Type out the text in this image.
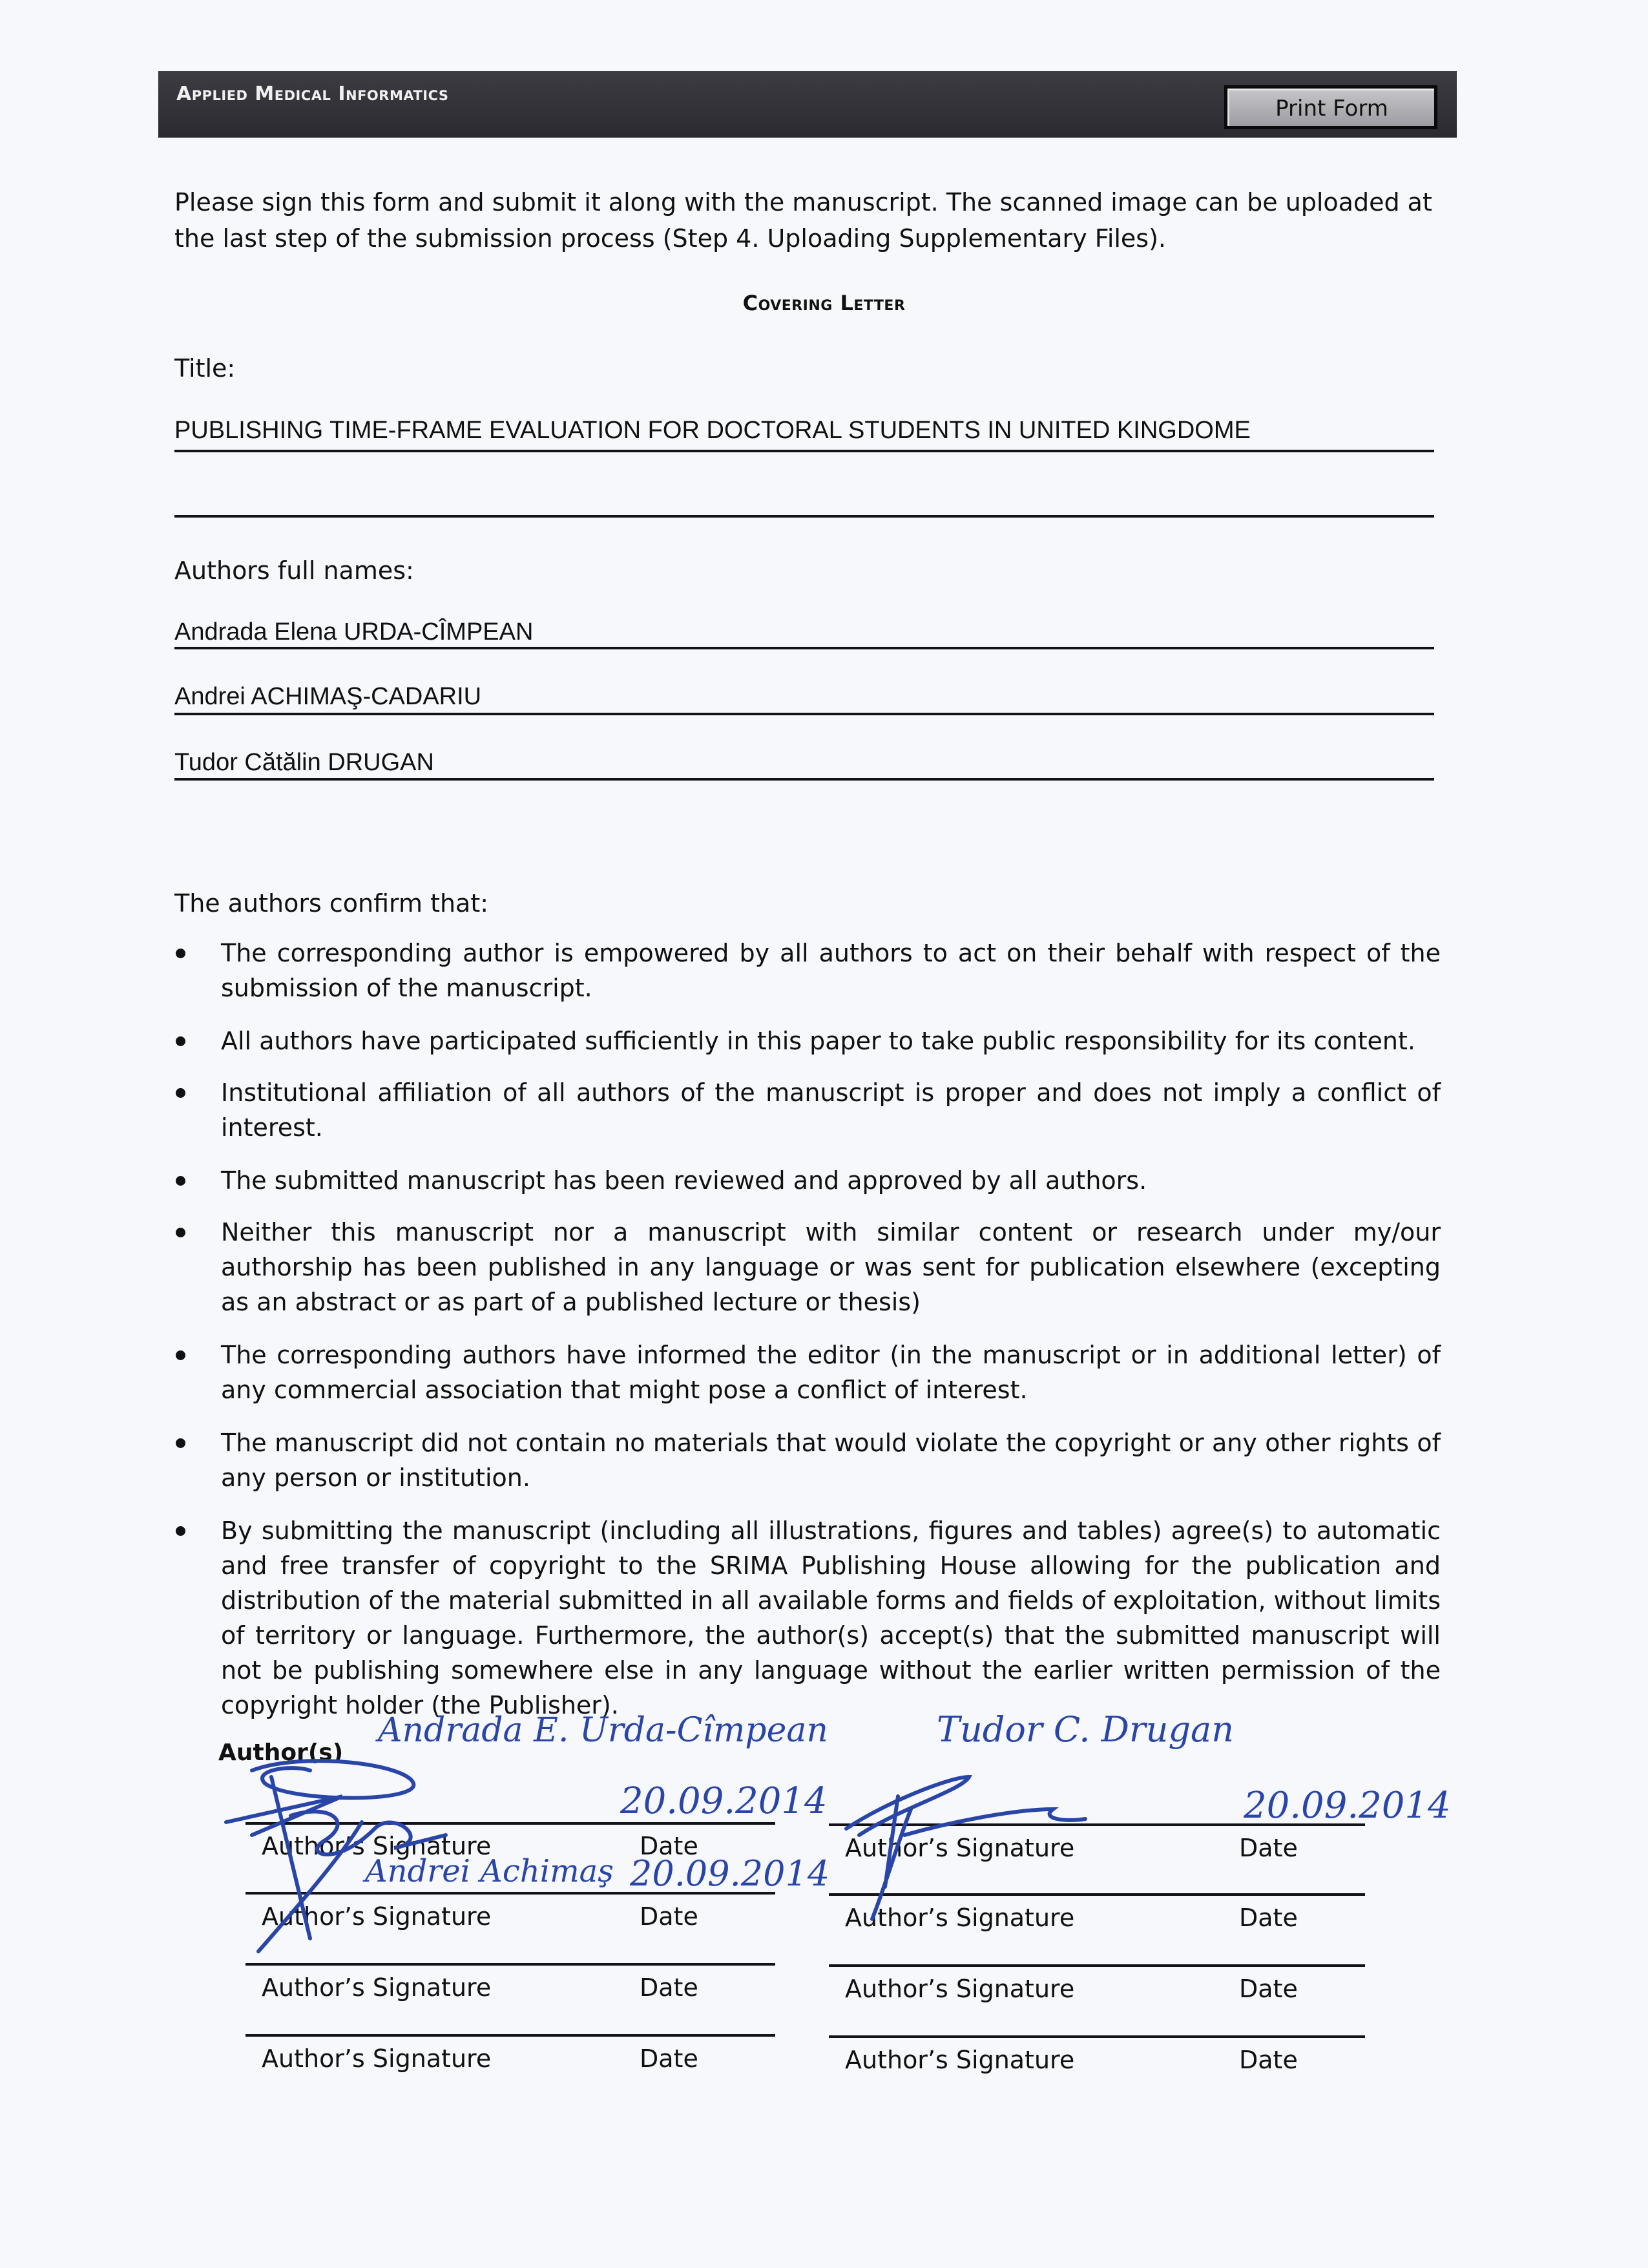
Applied Medical Informatics
Print Form
Please sign this form and submit it along with the manuscript. The scanned image can be uploaded at the last step of the submission process (Step 4. Uploading Supplementary Files).
Covering Letter
Title:
PUBLISHING TIME-FRAME EVALUATION FOR DOCTORAL STUDENTS IN UNITED KINGDOME
Authors full names:
Andrada Elena URDA-CÎMPEAN
Andrei ACHIMAŞ-CADARIU
Tudor Cătălin DRUGAN
The authors confirm that:
The corresponding author is empowered by all authors to act on their behalf with respect of the submission of the manuscript.
All authors have participated sufficiently in this paper to take public responsibility for its content.
Institutional affiliation of all authors of the manuscript is proper and does not imply a conflict of interest.
The submitted manuscript has been reviewed and approved by all authors.
Neither this manuscript nor a manuscript with similar content or research under my/our authorship has been published in any language or was sent for publication elsewhere (excepting as an abstract or as part of a published lecture or thesis)
The corresponding authors have informed the editor (in the manuscript or in additional letter) of any commercial association that might pose a conflict of interest.
The manuscript did not contain no materials that would violate the copyright or any other rights of any person or institution.
By submitting the manuscript (including all illustrations, figures and tables) agree(s) to automatic and free transfer of copyright to the SRIMA Publishing House allowing for the publication and distribution of the material submitted in all available forms and fields of exploitation, without limits of territory or language. Furthermore, the author(s) accept(s) that the submitted manuscript will not be publishing somewhere else in any language without the earlier written permission of the copyright holder (the Publisher).
Author(s)
Author’s Signature	Date
Author’s Signature	Date
Author’s Signature	Date
Author’s Signature	Date
Author’s Signature	Date
Author’s Signature	Date
Author’s Signature	Date
Author’s Signature	Date
Andrada E. Urda-Cîmpean	Tudor C. Drugan
20.09.2014	20.09.2014
Andrei Achimaş 20.09.2014
